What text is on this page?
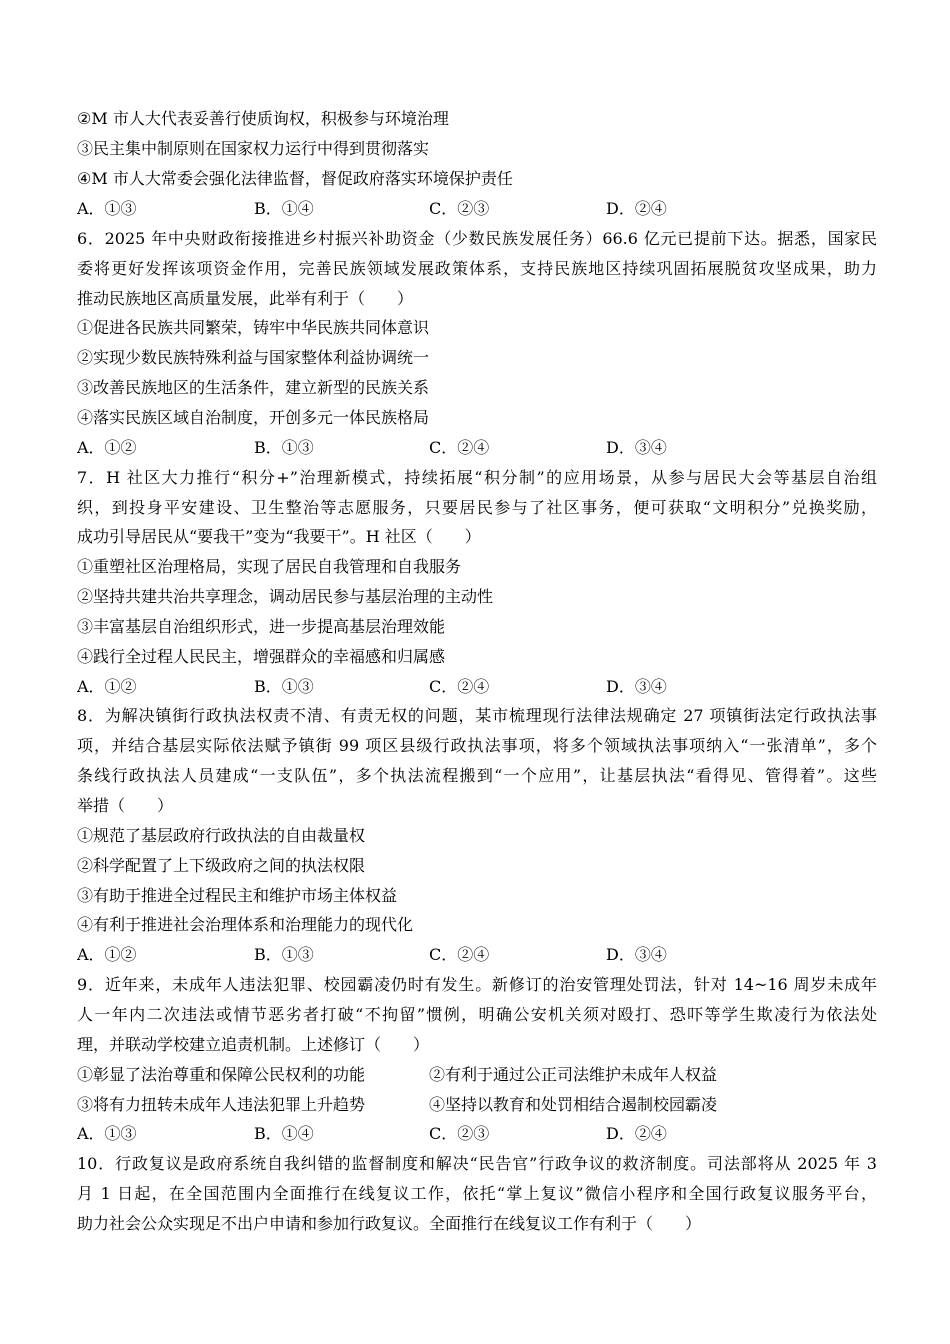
②M 市人大代表妥善行使质询权，积极参与环境治理
③民主集中制原则在国家权力运行中得到贯彻落实
④M 市人大常委会强化法律监督，督促政府落实环境保护责任
A．①③	B．①④	C．②③	D．②④
6．2025 年中央财政衔接推进乡村振兴补助资金（少数民族发展任务）66.6 亿元已提前下达。据悉，国家民
委将更好发挥该项资金作用，完善民族领域发展政策体系，支持民族地区持续巩固拓展脱贫攻坚成果，助力
推动民族地区高质量发展，此举有利于（　　）
①促进各民族共同繁荣，铸牢中华民族共同体意识
②实现少数民族特殊利益与国家整体利益协调统一
③改善民族地区的生活条件，建立新型的民族关系
④落实民族区域自治制度，开创多元一体民族格局
A．①②	B．①③	C．②④	D．③④
7．H 社区大力推行“积分+”治理新模式，持续拓展“积分制”的应用场景，从参与居民大会等基层自治组
织，到投身平安建设、卫生整治等志愿服务，只要居民参与了社区事务，便可获取“文明积分”兑换奖励，
成功引导居民从“要我干”变为“我要干”。H 社区（　　）
①重塑社区治理格局，实现了居民自我管理和自我服务
②坚持共建共治共享理念，调动居民参与基层治理的主动性
③丰富基层自治组织形式，进一步提高基层治理效能
④践行全过程人民民主，增强群众的幸福感和归属感
A．①②	B．①③	C．②④	D．③④
8．为解决镇街行政执法权责不清、有责无权的问题，某市梳理现行法律法规确定 27 项镇街法定行政执法事
项，并结合基层实际依法赋予镇街 99 项区县级行政执法事项，将多个领域执法事项纳入“一张清单”，多个
条线行政执法人员建成“一支队伍”，多个执法流程搬到“一个应用”，让基层执法“看得见、管得着”。这些
举措（　　）
①规范了基层政府行政执法的自由裁量权
②科学配置了上下级政府之间的执法权限
③有助于推进全过程民主和维护市场主体权益
④有利于推进社会治理体系和治理能力的现代化
A．①②	B．①③	C．②④	D．③④
9．近年来，未成年人违法犯罪、校园霸凌仍时有发生。新修订的治安管理处罚法，针对 14~16 周岁未成年
人一年内二次违法或情节恶劣者打破“不拘留”惯例，明确公安机关须对殴打、恐吓等学生欺凌行为依法处
理，并联动学校建立追责机制。上述修订（　　）
①彰显了法治尊重和保障公民权利的功能	②有利于通过公正司法维护未成年人权益
③将有力扭转未成年人违法犯罪上升趋势	④坚持以教育和处罚相结合遏制校园霸凌
A．①③	B．①④	C．②③	D．②④
10．行政复议是政府系统自我纠错的监督制度和解决“民告官”行政争议的救济制度。司法部将从 2025 年 3
月 1 日起，在全国范围内全面推行在线复议工作，依托“掌上复议”微信小程序和全国行政复议服务平台，
助力社会公众实现足不出户申请和参加行政复议。全面推行在线复议工作有利于（　　）
